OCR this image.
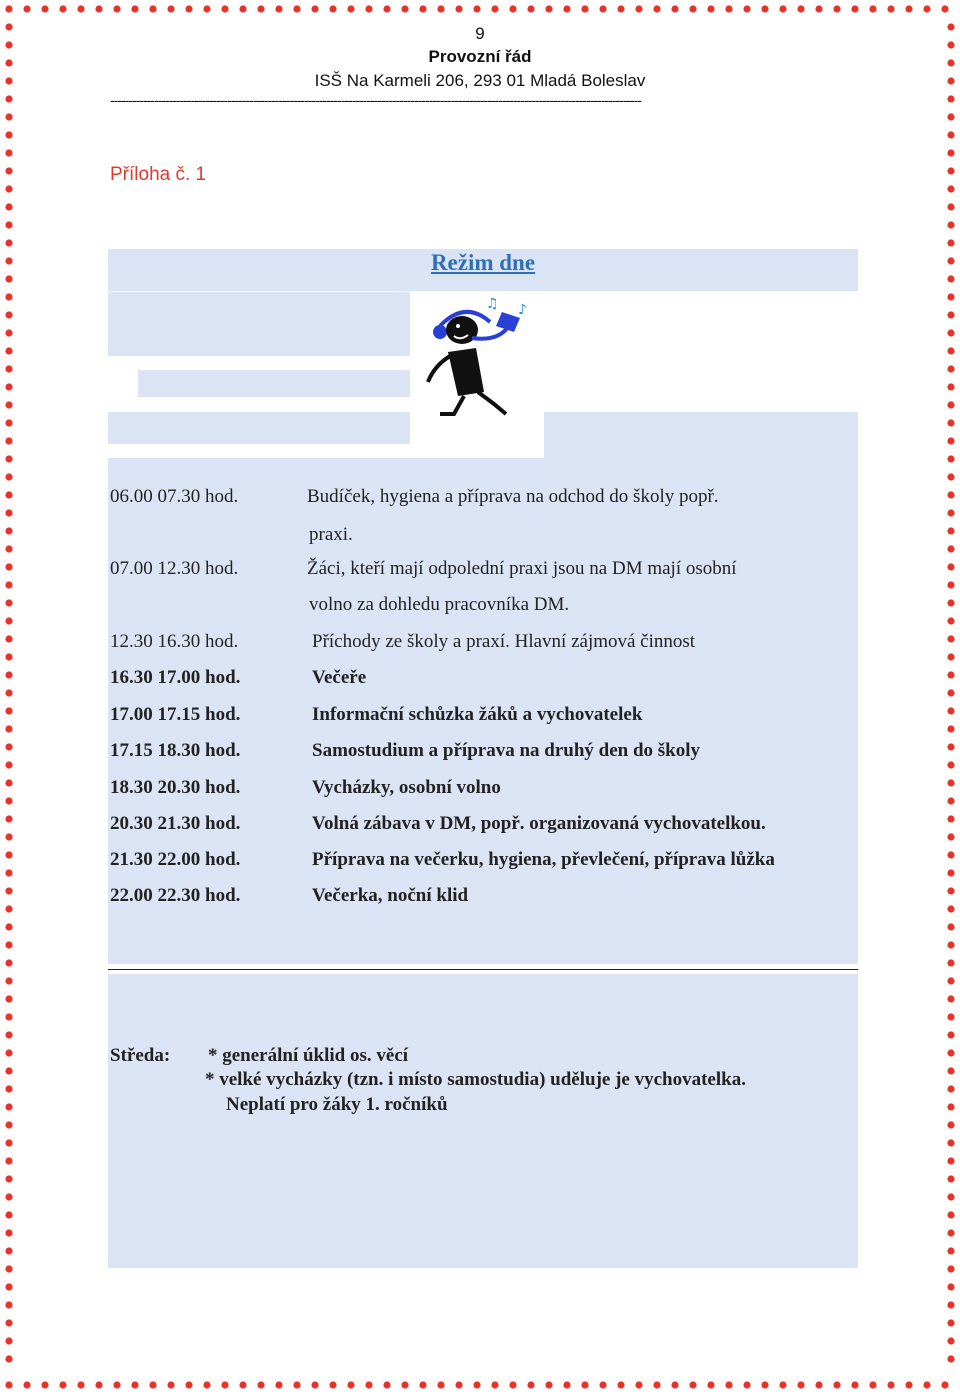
9
Provozní řád
ISŠ Na Karmeli 206, 293 01 Mladá Boleslav
-------------------------------------------------------------------------------------------------------------------------------------------------
Příloha č. 1
Režim dne
♫ ♪
06.00 07.30 hod.	Budíček, hygiena a příprava na odchod do školy popř.
praxi.
07.00 12.30 hod.	Žáci, kteří mají odpolední praxi jsou na DM mají osobní
volno za dohledu pracovníka DM.
12.30 16.30 hod.	Příchody ze školy a praxí. Hlavní zájmová činnost
16.30 17.00 hod.	Večeře
17.00 17.15 hod.	Informační schůzka žáků a vychovatelek
17.15 18.30 hod.	Samostudium a příprava na druhý den do školy
18.30 20.30 hod.	Vycházky, osobní volno
20.30 21.30 hod.	Volná zábava v DM, popř. organizovaná vychovatelkou.
21.30 22.00 hod.	Příprava na večerku, hygiena, převlečení, příprava lůžka
22.00 22.30 hod.	Večerka, noční klid
Středa: * generální úklid os. věcí
* velké vycházky (tzn. i místo samostudia) uděluje je vychovatelka.
Neplatí pro žáky 1. ročníků
